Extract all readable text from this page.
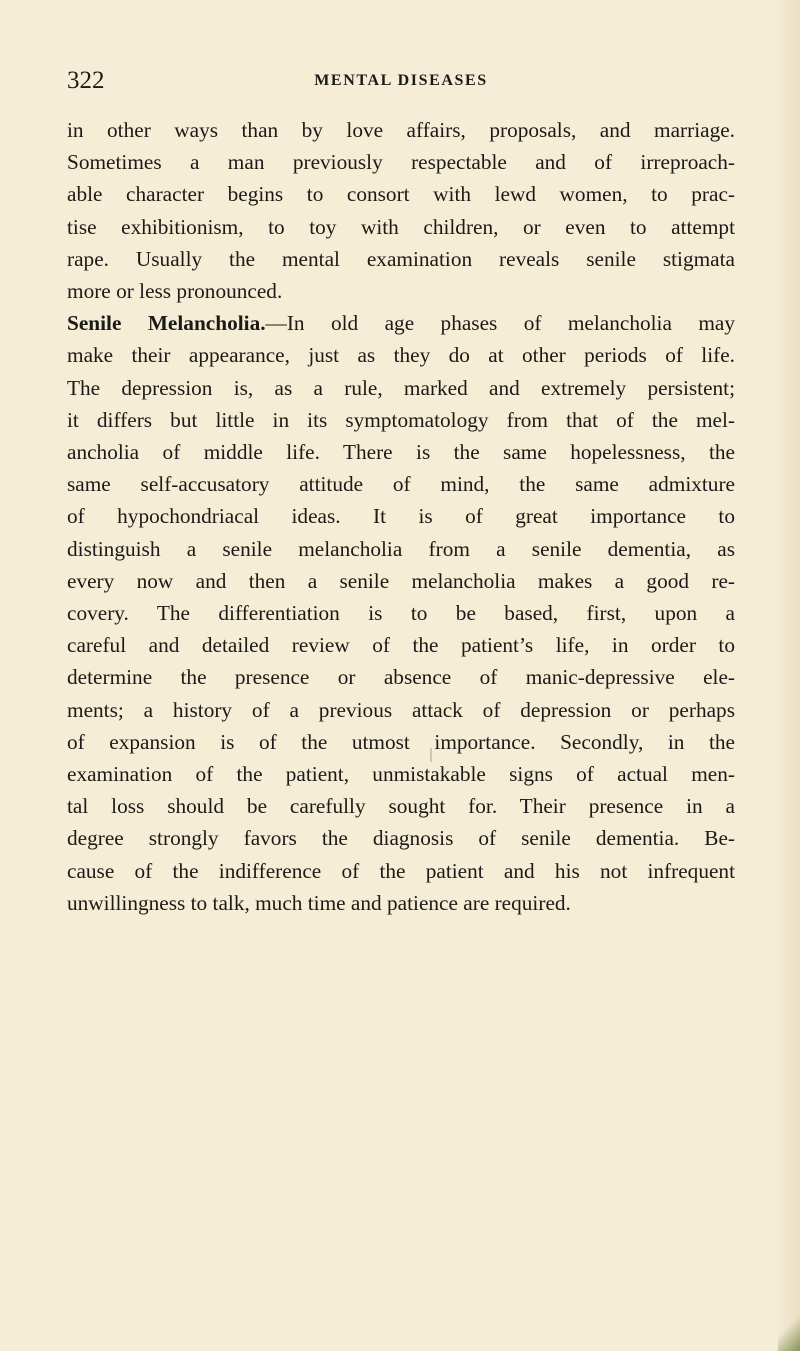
322	MENTAL DISEASES
in other ways than by love affairs, proposals, and marriage.
Sometimes a man previously respectable and of irreproach-
able character begins to consort with lewd women, to prac-
tise exhibitionism, to toy with children, or even to attempt
rape. Usually the mental examination reveals senile stigmata
more or less pronounced.
Senile Melancholia.—In old age phases of melancholia may
make their appearance, just as they do at other periods of life.
The depression is, as a rule, marked and extremely persistent;
it differs but little in its symptomatology from that of the mel-
ancholia of middle life. There is the same hopelessness, the
same self-accusatory attitude of mind, the same admixture
of hypochondriacal ideas. It is of great importance to
distinguish a senile melancholia from a senile dementia, as
every now and then a senile melancholia makes a good re-
covery. The differentiation is to be based, first, upon a
careful and detailed review of the patient’s life, in order to
determine the presence or absence of manic-depressive ele-
ments; a history of a previous attack of depression or perhaps
of expansion is of the utmost importance. Secondly, in the
examination of the patient, unmistakable signs of actual men-
tal loss should be carefully sought for. Their presence in a
degree strongly favors the diagnosis of senile dementia. Be-
cause of the indifference of the patient and his not infrequent
unwillingness to talk, much time and patience are required.
